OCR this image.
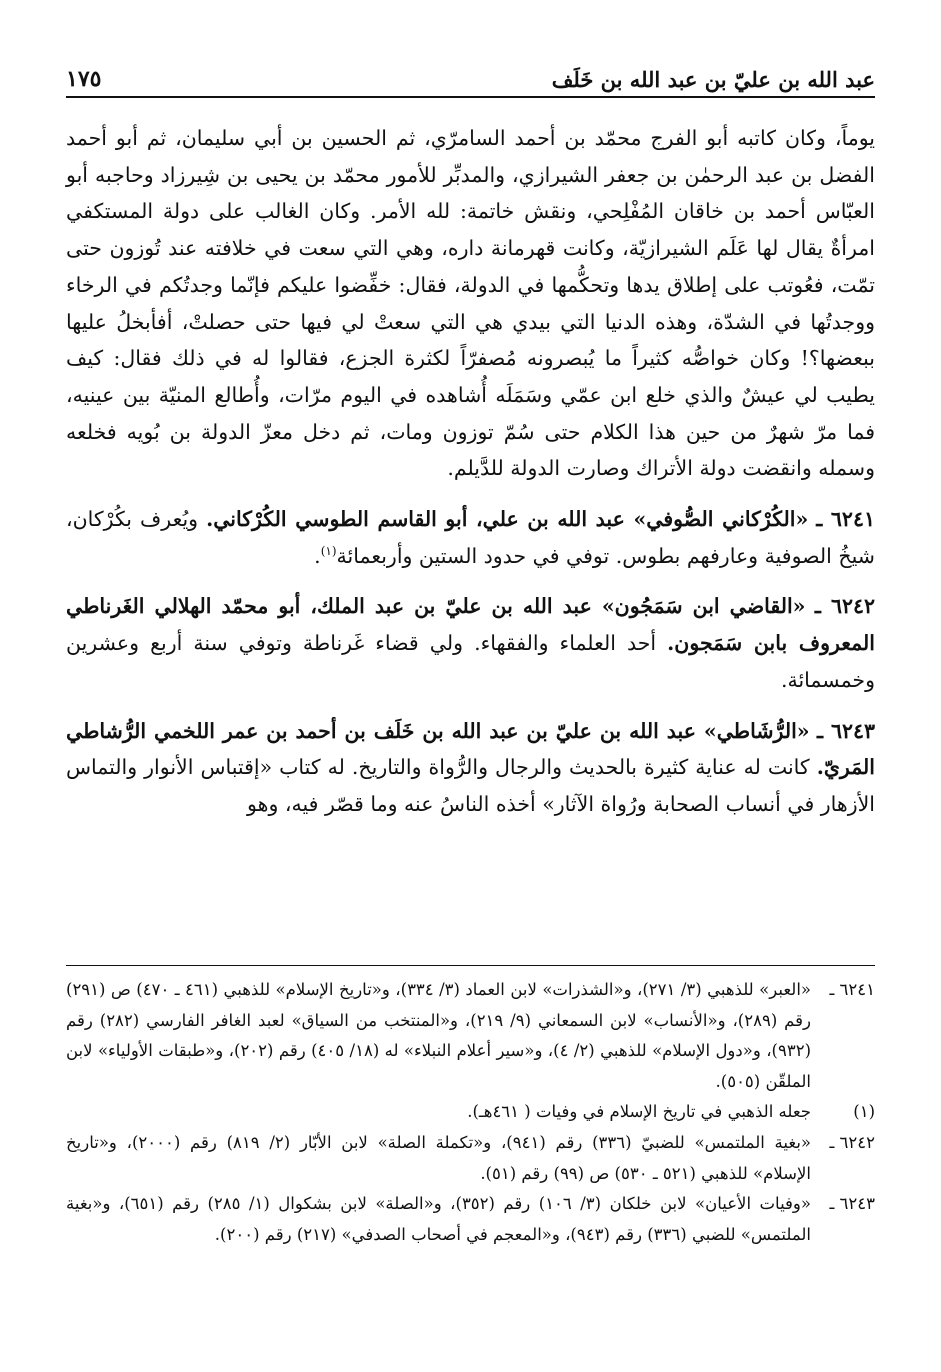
عبد الله بن عليّ بن عبد الله بن خَلَف
١٧٥

يوماً، وكان كاتبه أبو الفرج محمّد بن أحمد السامرّي، ثم الحسين بن أبي سليمان، ثم أبو أحمد الفضل بن عبد الرحمٰن بن جعفر الشيرازي، والمدبِّر للأمور محمّد بن يحيى بن شِيرزاد وحاجبه أبو العبّاس أحمد بن خاقان المُفْلِحي، ونقش خاتمة: لله الأمر. وكان الغالب على دولة المستكفي امرأةٌ يقال لها عَلَم الشيرازيّة، وكانت قهرمانة داره، وهي التي سعت في خلافته عند تُوزون حتى تمّت، فعُوتب على إطلاق يدها وتحكُّمها في الدولة، فقال: خفِّضوا عليكم فإنّما وجدتُكم في الرخاء ووجدتُها في الشدّة، وهذه الدنيا التي بيدي هي التي سعتْ لي فيها حتى حصلتْ، أفأبخلُ عليها ببعضها؟! وكان خواصُّه كثيراً ما يُبصرونه مُصفرّاً لكثرة الجزع، فقالوا له في ذلك فقال: كيف يطيب لي عيشٌ والذي خلع ابن عمّي وسَمَلَه أُشاهده في اليوم مرّات، وأُطالع المنيّة بين عينيه، فما مرّ شهرٌ من حين هذا الكلام حتى سُمّ توزون ومات، ثم دخل معزّ الدولة بن بُويه فخلعه وسمله وانقضت دولة الأتراك وصارت الدولة للدَّيلم.

٦٢٤١ ـ «الكُرْكاني الصُّوفي» عبد الله بن علي، أبو القاسم الطوسي الكُرْكاني. ويُعرف بكُرْكان، شيخُ الصوفية وعارفهم بطوس. توفي في حدود الستين وأربعمائة$^{(١)}$.

٦٢٤٢ ـ «القاضي ابن سَمَجُون» عبد الله بن عليّ بن عبد الملك، أبو محمّد الهلالي الغَرناطي المعروف بابن سَمَجون. أحد العلماء والفقهاء. ولي قضاء غَرناطة وتوفي سنة أربع وعشرين وخمسمائة.

٦٢٤٣ ـ «الرُّشَاطي» عبد الله بن عليّ بن عبد الله بن خَلَف بن أحمد بن عمر اللخمي الرُّشاطي المَريّ. كانت له عناية كثيرة بالحديث والرجال والرُّواة والتاريخ. له كتاب «إقتباس الأنوار والتماس الأزهار في أنساب الصحابة ورُواة الآثار» أخذه الناسُ عنه وما قصّر فيه، وهو

٦٢٤١ ـ
«العبر» للذهبي (٣/ ٢٧١)، و«الشذرات» لابن العماد (٣/ ٣٣٤)، و«تاريخ الإسلام» للذهبي (٤٦١ ـ ٤٧٠) ص (٢٩١) رقم (٢٨٩)، و«الأنساب» لابن السمعاني (٩/ ٢١٩)، و«المنتخب من السياق» لعبد الغافر الفارسي (٢٨٢) رقم (٩٣٢)، و«دول الإسلام» للذهبي (٢/ ٤)، و«سير أعلام النبلاء» له (١٨/ ٤٠٥) رقم (٢٠٢)، و«طبقات الأولياء» لابن الملقّن (٥٠٥).
(١)
جعله الذهبي في تاريخ الإسلام في وفيات ( ٤٦١هـ).
٦٢٤٢ ـ
«بغية الملتمس» للضبيّ (٣٣٦) رقم (٩٤١)، و«تكملة الصلة» لابن الأبّار (٢/ ٨١٩) رقم (٢٠٠٠)، و«تاريخ الإسلام» للذهبي (٥٢١ ـ ٥٣٠) ص (٩٩) رقم (٥١).
٦٢٤٣ ـ
«وفيات الأعيان» لابن خلكان (٣/ ١٠٦) رقم (٣٥٢)، و«الصلة» لابن بشكوال (١/ ٢٨٥) رقم (٦٥١)، و«بغية الملتمس» للضبي (٣٣٦) رقم (٩٤٣)، و«المعجم في أصحاب الصدفي» (٢١٧) رقم (٢٠٠).
